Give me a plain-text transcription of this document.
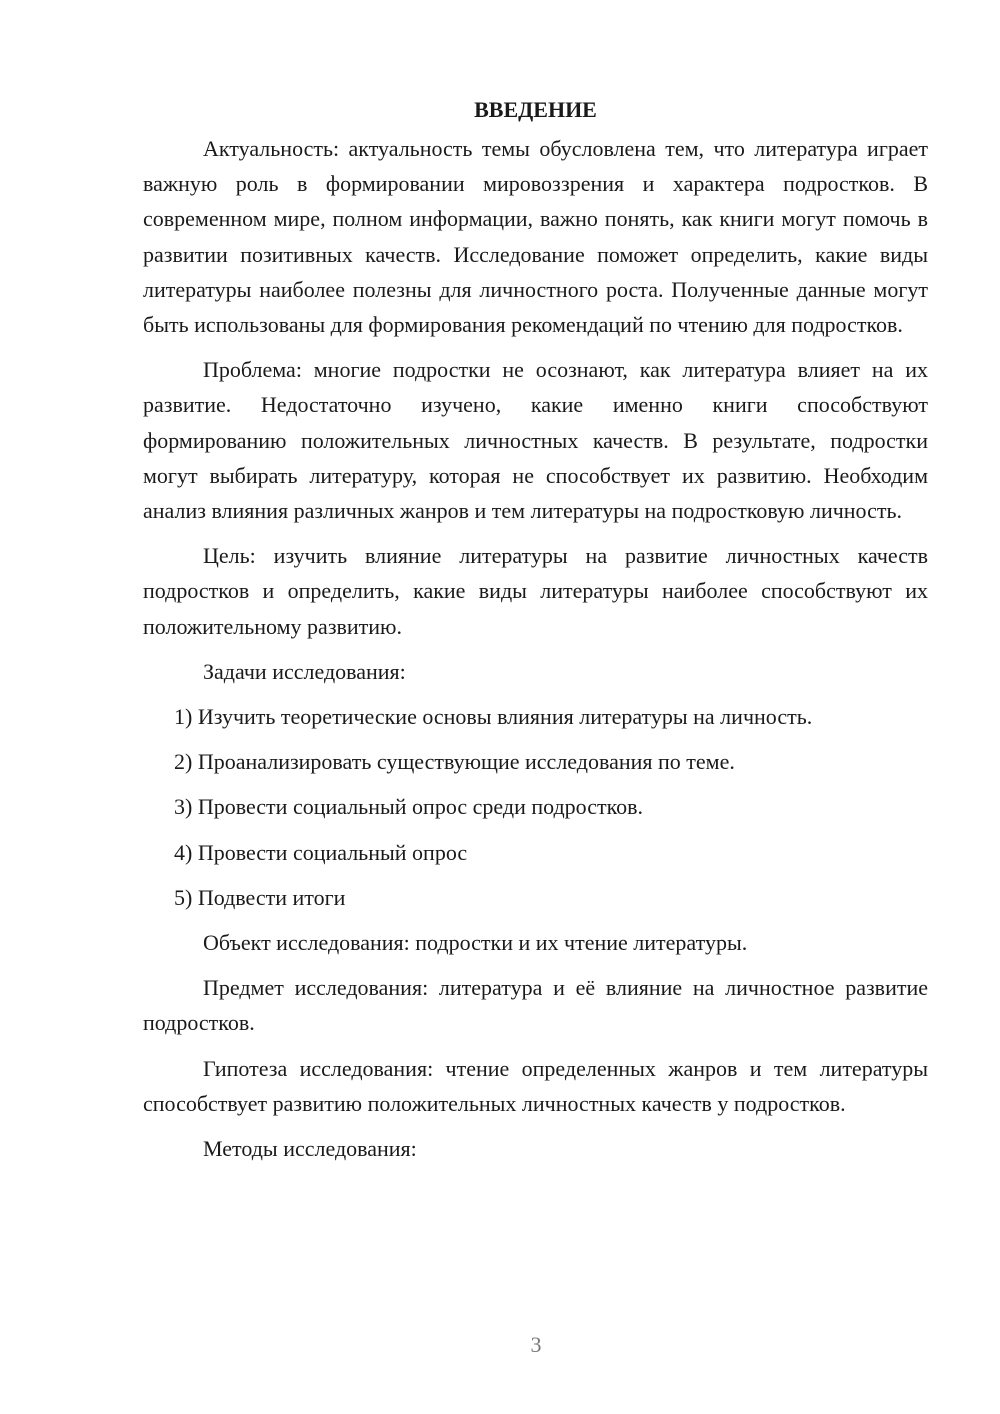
ВВЕДЕНИЕ

Актуальность: актуальность темы обусловлена тем, что литература играет важную роль в формировании мировоззрения и характера подростков. В современном мире, полном информации, важно понять, как книги могут помочь в развитии позитивных качеств. Исследование поможет определить, какие виды литературы наиболее полезны для личностного роста. Полученные данные могут быть использованы для формирования рекомендаций по чтению для подростков.

Проблема: многие подростки не осознают, как литература влияет на их развитие. Недостаточно изучено, какие именно книги способствуют формированию положительных личностных качеств. В результате, подростки могут выбирать литературу, которая не способствует их развитию. Необходим анализ влияния различных жанров и тем литературы на подростковую личность.

Цель: изучить влияние литературы на развитие личностных качеств подростков и определить, какие виды литературы наиболее способствуют их положительному развитию.

Задачи исследования:

1) Изучить теоретические основы влияния литературы на личность.

2) Проанализировать существующие исследования по теме.

3) Провести социальный опрос среди подростков.

4) Провести социальный опрос

5) Подвести итоги

Объект исследования: подростки и их чтение литературы.

Предмет исследования: литература и её влияние на личностное развитие подростков.

Гипотеза исследования: чтение определенных жанров и тем литературы способствует развитию положительных личностных качеств у подростков.

Методы исследования:

3
